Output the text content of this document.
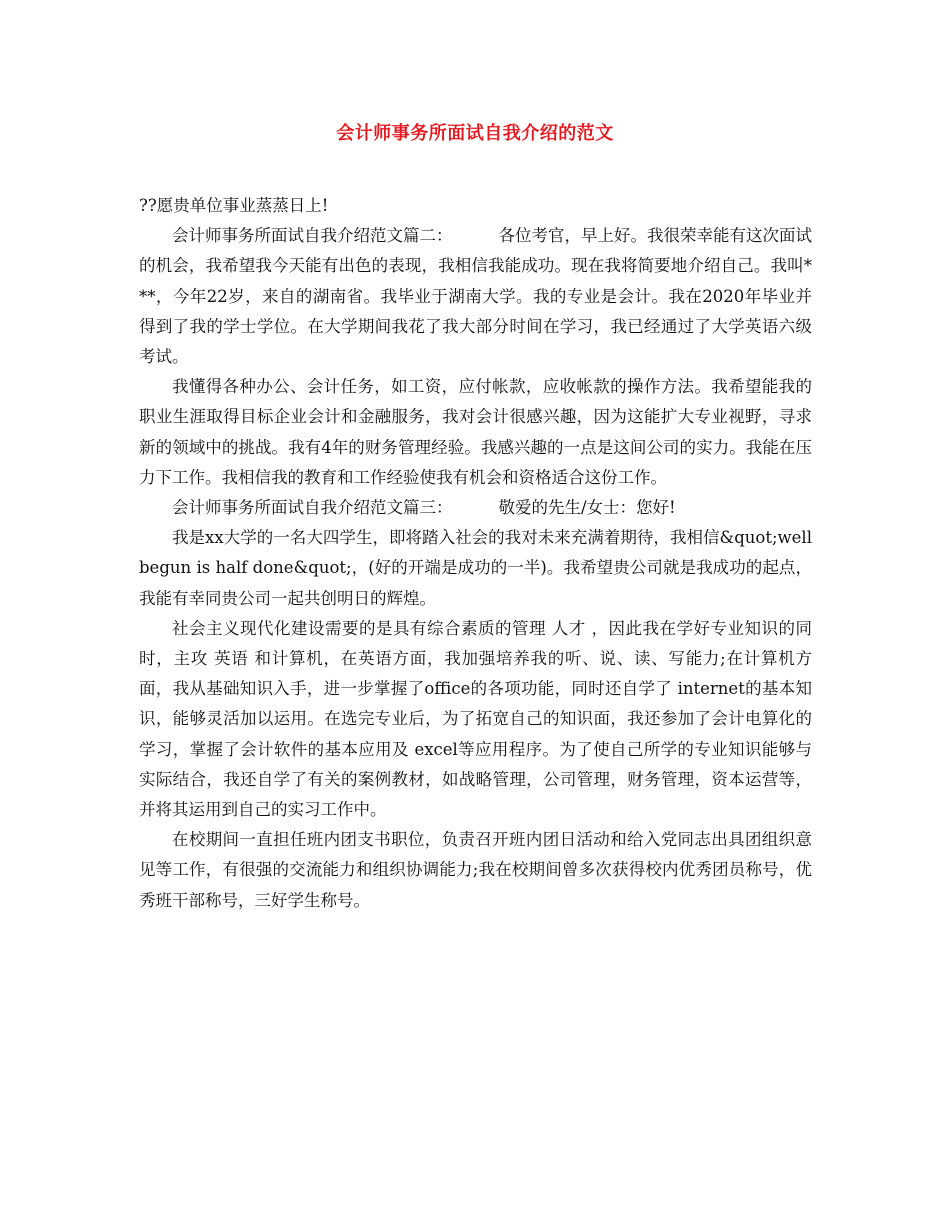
会计师事务所面试自我介绍的范文

??愿贵单位事业蒸蒸日上!

会计师事务所面试自我介绍范文篇二：	各位考官，早上好。我很荣幸能有这次面试的机会，我希望我今天能有出色的表现，我相信我能成功。现在我将简要地介绍自己。我叫***，今年22岁，来自的湖南省。我毕业于湖南大学。我的专业是会计。我在2020年毕业并得到了我的学士学位。在大学期间我花了我大部分时间在学习，我已经通过了大学英语六级考试。

我懂得各种办公、会计任务，如工资，应付帐款，应收帐款的操作方法。我希望能我的职业生涯取得目标企业会计和金融服务，我对会计很感兴趣，因为这能扩大专业视野，寻求新的领域中的挑战。我有4年的财务管理经验。我感兴趣的一点是这间公司的实力。我能在压力下工作。我相信我的教育和工作经验使我有机会和资格适合这份工作。

会计师事务所面试自我介绍范文篇三：	敬爱的先生/女士：您好!

我是xx大学的一名大四学生，即将踏入社会的我对未来充满着期待，我相信&quot;well begun is half done&quot;，(好的开端是成功的一半)。我希望贵公司就是我成功的起点，我能有幸同贵公司一起共创明日的辉煌。

社会主义现代化建设需要的是具有综合素质的管理 人才 ，因此我在学好专业知识的同时，主攻 英语 和计算机，在英语方面，我加强培养我的听、说、读、写能力;在计算机方面，我从基础知识入手，进一步掌握了office的各项功能，同时还自学了 internet的基本知识，能够灵活加以运用。在选完专业后，为了拓宽自己的知识面，我还参加了会计电算化的学习，掌握了会计软件的基本应用及 excel等应用程序。为了使自己所学的专业知识能够与实际结合，我还自学了有关的案例教材，如战略管理，公司管理，财务管理，资本运营等，并将其运用到自己的实习工作中。

在校期间一直担任班内团支书职位，负责召开班内团日活动和给入党同志出具团组织意见等工作，有很强的交流能力和组织协调能力;我在校期间曾多次获得校内优秀团员称号，优秀班干部称号，三好学生称号。
